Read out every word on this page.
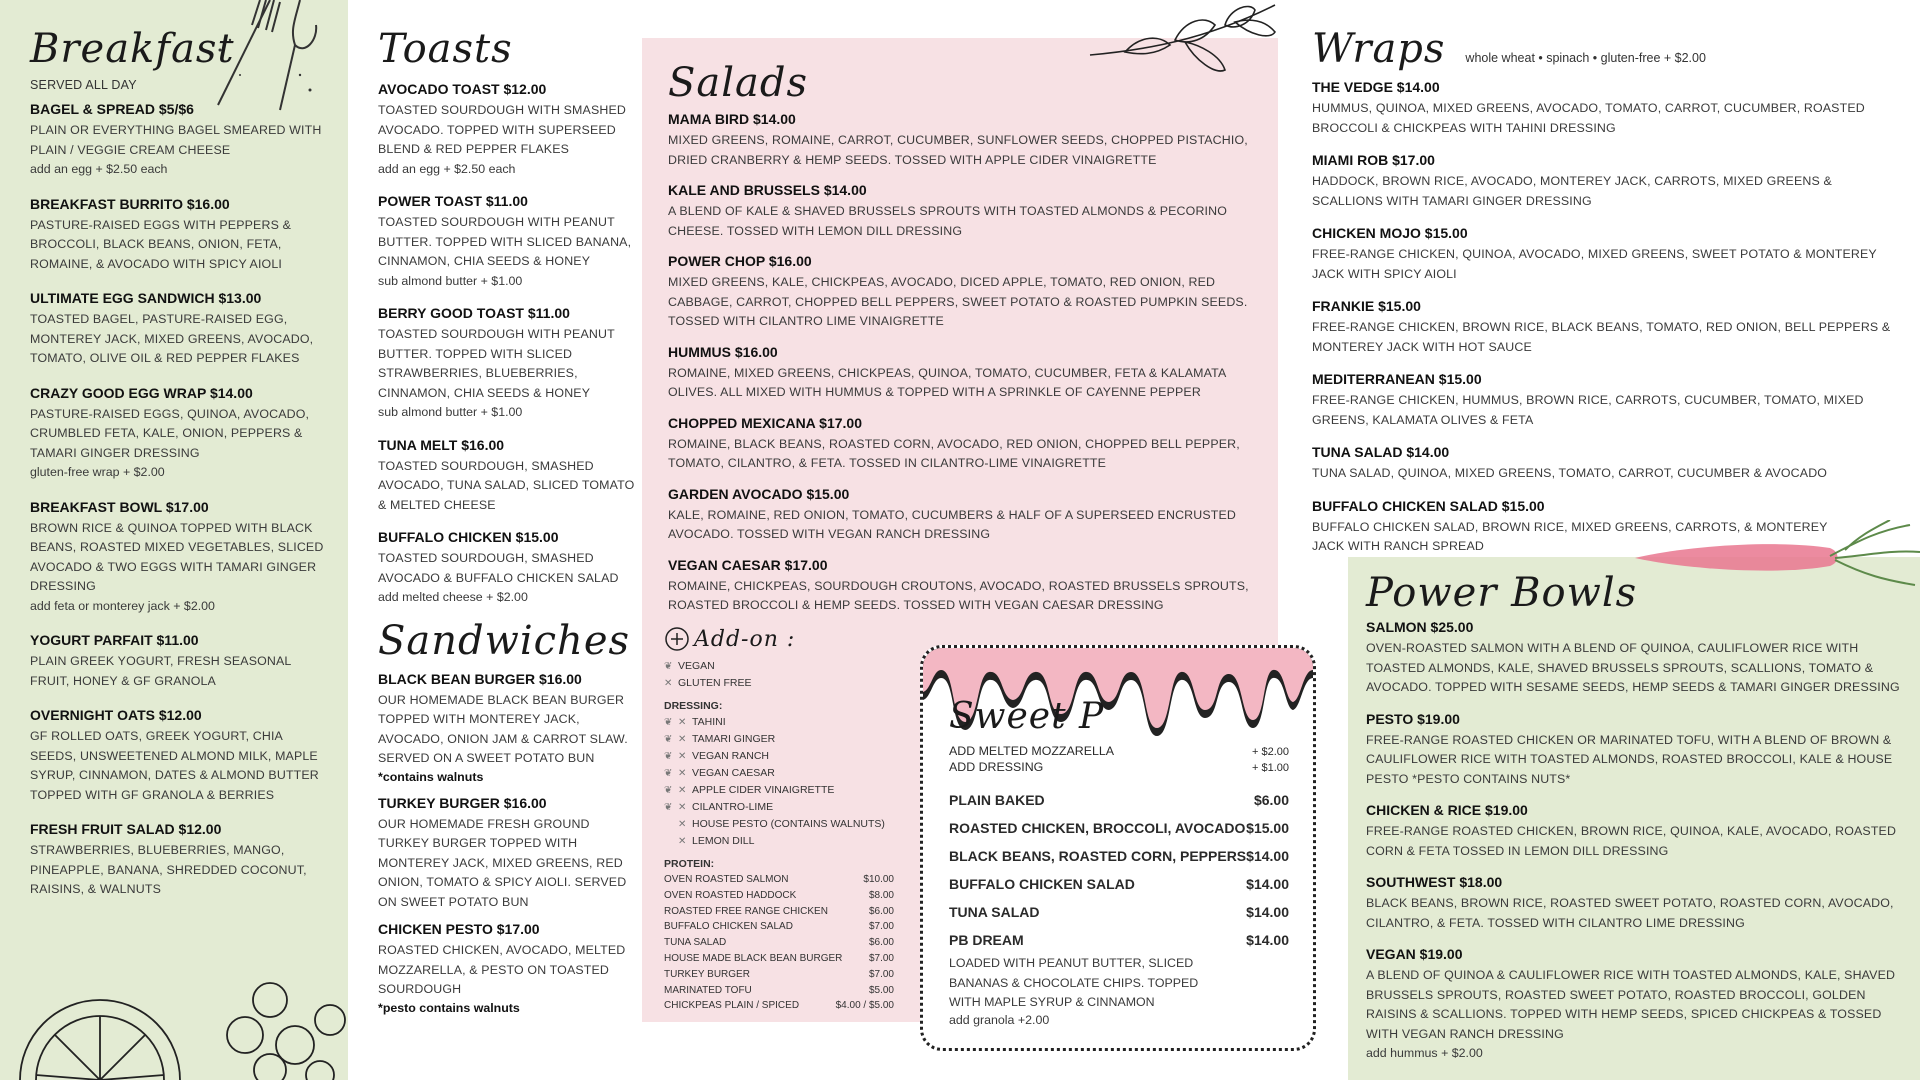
Breakfast
SERVED ALL DAY
BAGEL & SPREAD $5/$6
PLAIN OR EVERYTHING BAGEL SMEARED WITH PLAIN / VEGGIE CREAM CHEESE
add an egg + $2.50 each
BREAKFAST BURRITO $16.00
PASTURE-RAISED EGGS WITH PEPPERS & BROCCOLI, BLACK BEANS, ONION, FETA, ROMAINE, & AVOCADO WITH SPICY AIOLI
ULTIMATE EGG SANDWICH $13.00
TOASTED BAGEL, PASTURE-RAISED EGG, MONTEREY JACK, MIXED GREENS, AVOCADO, TOMATO, OLIVE OIL & RED PEPPER FLAKES
CRAZY GOOD EGG WRAP $14.00
PASTURE-RAISED EGGS, QUINOA, AVOCADO, CRUMBLED FETA, KALE, ONION, PEPPERS & TAMARI GINGER DRESSING
gluten-free wrap + $2.00
BREAKFAST BOWL $17.00
BROWN RICE & QUINOA TOPPED WITH BLACK BEANS, ROASTED MIXED VEGETABLES, SLICED AVOCADO & TWO EGGS WITH TAMARI GINGER DRESSING
add feta or monterey jack + $2.00
YOGURT PARFAIT $11.00
PLAIN GREEK YOGURT, FRESH SEASONAL FRUIT, HONEY & GF GRANOLA
OVERNIGHT OATS $12.00
GF ROLLED OATS, GREEK YOGURT, CHIA SEEDS, UNSWEETENED ALMOND MILK, MAPLE SYRUP, CINNAMON, DATES & ALMOND BUTTER TOPPED WITH GF GRANOLA & BERRIES
FRESH FRUIT SALAD $12.00
STRAWBERRIES, BLUEBERRIES, MANGO, PINEAPPLE, BANANA, SHREDDED COCONUT, RAISINS, & WALNUTS
Toasts
AVOCADO TOAST $12.00
TOASTED SOURDOUGH WITH SMASHED AVOCADO. TOPPED WITH SUPERSEED BLEND & RED PEPPER FLAKES
add an egg + $2.50 each
POWER TOAST $11.00
TOASTED SOURDOUGH WITH PEANUT BUTTER. TOPPED WITH SLICED BANANA, CINNAMON, CHIA SEEDS & HONEY
sub almond butter + $1.00
BERRY GOOD TOAST $11.00
TOASTED SOURDOUGH WITH PEANUT BUTTER. TOPPED WITH SLICED STRAWBERRIES, BLUEBERRIES, CINNAMON, CHIA SEEDS & HONEY
sub almond butter + $1.00
TUNA MELT $16.00
TOASTED SOURDOUGH, SMASHED AVOCADO, TUNA SALAD, SLICED TOMATO & MELTED CHEESE
BUFFALO CHICKEN $15.00
TOASTED SOURDOUGH, SMASHED AVOCADO & BUFFALO CHICKEN SALAD
add melted cheese + $2.00
Sandwiches
BLACK BEAN BURGER $16.00
OUR HOMEMADE BLACK BEAN BURGER TOPPED WITH MONTEREY JACK, AVOCADO, ONION JAM & CARROT SLAW. SERVED ON A SWEET POTATO BUN
*contains walnuts
TURKEY BURGER $16.00
OUR HOMEMADE FRESH GROUND TURKEY BURGER TOPPED WITH MONTEREY JACK, MIXED GREENS, RED ONION, TOMATO & SPICY AIOLI. SERVED ON SWEET POTATO BUN
CHICKEN PESTO $17.00
ROASTED CHICKEN, AVOCADO, MELTED MOZZARELLA, & PESTO ON TOASTED SOURDOUGH
*pesto contains walnuts
Salads
MAMA BIRD $14.00
MIXED GREENS, ROMAINE, CARROT, CUCUMBER, SUNFLOWER SEEDS, CHOPPED PISTACHIO, DRIED CRANBERRY & HEMP SEEDS. TOSSED WITH APPLE CIDER VINAIGRETTE
KALE AND BRUSSELS $14.00
A BLEND OF KALE & SHAVED BRUSSELS SPROUTS WITH TOASTED ALMONDS & PECORINO CHEESE. TOSSED WITH LEMON DILL DRESSING
POWER CHOP $16.00
MIXED GREENS, KALE, CHICKPEAS, AVOCADO, DICED APPLE, TOMATO, RED ONION, RED CABBAGE, CARROT, CHOPPED BELL PEPPERS, SWEET POTATO & ROASTED PUMPKIN SEEDS. TOSSED WITH CILANTRO LIME VINAIGRETTE
HUMMUS $16.00
ROMAINE, MIXED GREENS, CHICKPEAS, QUINOA, TOMATO, CUCUMBER, FETA & KALAMATA OLIVES. ALL MIXED WITH HUMMUS & TOPPED WITH A SPRINKLE OF CAYENNE PEPPER
CHOPPED MEXICANA $17.00
ROMAINE, BLACK BEANS, ROASTED CORN, AVOCADO, RED ONION, CHOPPED BELL PEPPER, TOMATO, CILANTRO, & FETA. TOSSED IN CILANTRO-LIME VINAIGRETTE
GARDEN AVOCADO $15.00
KALE, ROMAINE, RED ONION, TOMATO, CUCUMBERS & HALF OF A SUPERSEED ENCRUSTED AVOCADO. TOSSED WITH VEGAN RANCH DRESSING
VEGAN CAESAR $17.00
ROMAINE, CHICKPEAS, SOURDOUGH CROUTONS, AVOCADO, ROASTED BRUSSELS SPROUTS, ROASTED BROCCOLI & HEMP SEEDS. TOSSED WITH VEGAN CAESAR DRESSING
Add-on :
❦ VEGAN
✕ GLUTEN FREE
DRESSING:
❦ ✕ TAHINI
❦ ✕ TAMARI GINGER
❦ ✕ VEGAN RANCH
❦ ✕ VEGAN CAESAR
❦ ✕ APPLE CIDER VINAIGRETTE
❦ ✕ CILANTRO-LIME
✕ HOUSE PESTO (CONTAINS WALNUTS)
✕ LEMON DILL
PROTEIN:
OVEN ROASTED SALMON	$10.00
OVEN ROASTED HADDOCK	$8.00
ROASTED FREE RANGE CHICKEN	$6.00
BUFFALO CHICKEN SALAD	$7.00
TUNA SALAD	$6.00
HOUSE MADE BLACK BEAN BURGER	$7.00
TURKEY BURGER	$7.00
MARINATED TOFU	$5.00
CHICKPEAS PLAIN / SPICED	$4.00 / $5.00
Sweet P
ADD MELTED MOZZARELLA	+ $2.00
ADD DRESSING	+ $1.00
PLAIN BAKED	$6.00
ROASTED CHICKEN, BROCCOLI, AVOCADO $15.00
BLACK BEANS, ROASTED CORN, PEPPERS $14.00
BUFFALO CHICKEN SALAD	$14.00
TUNA SALAD	$14.00
PB DREAM	$14.00
LOADED WITH PEANUT BUTTER, SLICED BANANAS & CHOCOLATE CHIPS. TOPPED WITH MAPLE SYRUP & CINNAMON
add granola +2.00
Wraps whole wheat • spinach • gluten-free + $2.00
THE VEDGE $14.00
HUMMUS, QUINOA, MIXED GREENS, AVOCADO, TOMATO, CARROT, CUCUMBER, ROASTED BROCCOLI & CHICKPEAS WITH TAHINI DRESSING
MIAMI ROB $17.00
HADDOCK, BROWN RICE, AVOCADO, MONTEREY JACK, CARROTS, MIXED GREENS & SCALLIONS WITH TAMARI GINGER DRESSING
CHICKEN MOJO $15.00
FREE-RANGE CHICKEN, QUINOA, AVOCADO, MIXED GREENS, SWEET POTATO & MONTEREY JACK WITH SPICY AIOLI
FRANKIE $15.00
FREE-RANGE CHICKEN, BROWN RICE, BLACK BEANS, TOMATO, RED ONION, BELL PEPPERS & MONTEREY JACK WITH HOT SAUCE
MEDITERRANEAN $15.00
FREE-RANGE CHICKEN, HUMMUS, BROWN RICE, CARROTS, CUCUMBER, TOMATO, MIXED GREENS, KALAMATA OLIVES & FETA
TUNA SALAD $14.00
TUNA SALAD, QUINOA, MIXED GREENS, TOMATO, CARROT, CUCUMBER & AVOCADO
BUFFALO CHICKEN SALAD $15.00
BUFFALO CHICKEN SALAD, BROWN RICE, MIXED GREENS, CARROTS, & MONTEREY JACK WITH RANCH SPREAD
Power Bowls
SALMON $25.00
OVEN-ROASTED SALMON WITH A BLEND OF QUINOA, CAULIFLOWER RICE WITH TOASTED ALMONDS, KALE, SHAVED BRUSSELS SPROUTS, SCALLIONS, TOMATO & AVOCADO. TOPPED WITH SESAME SEEDS, HEMP SEEDS & TAMARI GINGER DRESSING
PESTO $19.00
FREE-RANGE ROASTED CHICKEN OR MARINATED TOFU, WITH A BLEND OF BROWN & CAULIFLOWER RICE WITH TOASTED ALMONDS, ROASTED BROCCOLI, KALE & HOUSE PESTO *PESTO CONTAINS NUTS*
CHICKEN & RICE $19.00
FREE-RANGE ROASTED CHICKEN, BROWN RICE, QUINOA, KALE, AVOCADO, ROASTED CORN & FETA TOSSED IN LEMON DILL DRESSING
SOUTHWEST $18.00
BLACK BEANS, BROWN RICE, ROASTED SWEET POTATO, ROASTED CORN, AVOCADO, CILANTRO, & FETA. TOSSED WITH CILANTRO LIME DRESSING
VEGAN $19.00
A BLEND OF QUINOA & CAULIFLOWER RICE WITH TOASTED ALMONDS, KALE, SHAVED BRUSSELS SPROUTS, ROASTED SWEET POTATO, ROASTED BROCCOLI, GOLDEN RAISINS & SCALLIONS. TOPPED WITH HEMP SEEDS, SPICED CHICKPEAS & TOSSED WITH VEGAN RANCH DRESSING
add hummus + $2.00
